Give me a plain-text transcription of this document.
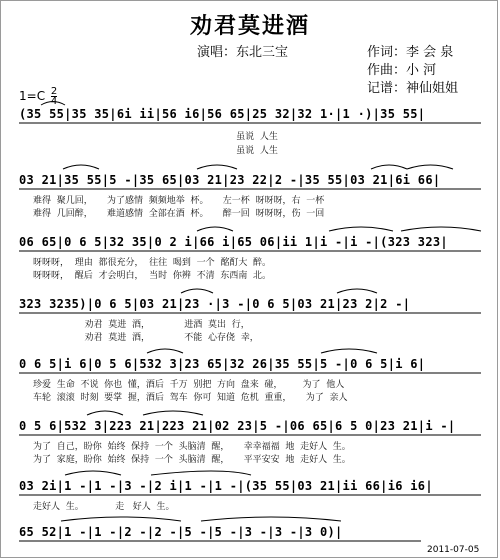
劝君莫进酒
演唱：东北三宝	作词：李 会 泉
作曲：小 河
记谱：神仙姐姐
$1=C \frac{2}{4}$
(35 55|35 35|6i ii|56 i6|56 65|25 32|32 1·|1 ·)|35 55|
虽说  人生
虽说  人生
03 21|35 55|5 -|35 65|03 21|23 22|2 -|35 55|03 21|6i 66|
难得  聚几回，     为了感情  频频地举  杯。     左一杯  呀呀呀，右  一杯
难得  几回醉，     难道感情  全部在酒  杯。     醉一回  呀呀呀，伤  一回
06 65|0 6 5|32 35|0 2 i|66 i|65 06|ii 1|i -|i -|(323 323|
呀呀呀，  理由  都很充分，  往往  喝到  一个  酩酊大  醉。
呀呀呀，  醒后  才会明白，  当时  你辨  不清  东西南  北。
323 3235)|0 6 5|03 21|23 ·|3 -|0 6 5|03 21|23 2|2 -|
劝君  莫进  酒，            进酒  莫出  行，
劝君  莫进  酒，            不能  心存侥  幸，
0 6 5|i 6|0 5 6|532 3|23 65|32 26|35 55|5 -|0 6 5|i 6|
珍爱  生命  不说  你也  懂，酒后  千万  别把  方向  盘来  碰，       为了  他人
车轮  滚滚  时刻  要掌  握，酒后  驾车  你可  知道  危机  重重，     为了  亲人
0 5 6|532 3|223 21|223 21|02 23|5 -|06 65|6 5 0|23 21|i -|
为了  自己，盼你  始终  保持  一个  头脑清  醒，     幸幸福福  地  走好人  生。
为了  家庭，盼你  始终  保持  一个  头脑清  醒，     平平安安  地  走好人  生。
03 2i|1 -|1 -|3 -|2 i|1 -|1 -|(35 55|03 21|ii 66|i6 i6|
走好人  生。           走   好人  生。
65 52|1 -|1 -|2 -|2 -|5 -|5 -|3 -|3 -|3 0)|
2011-07-05
